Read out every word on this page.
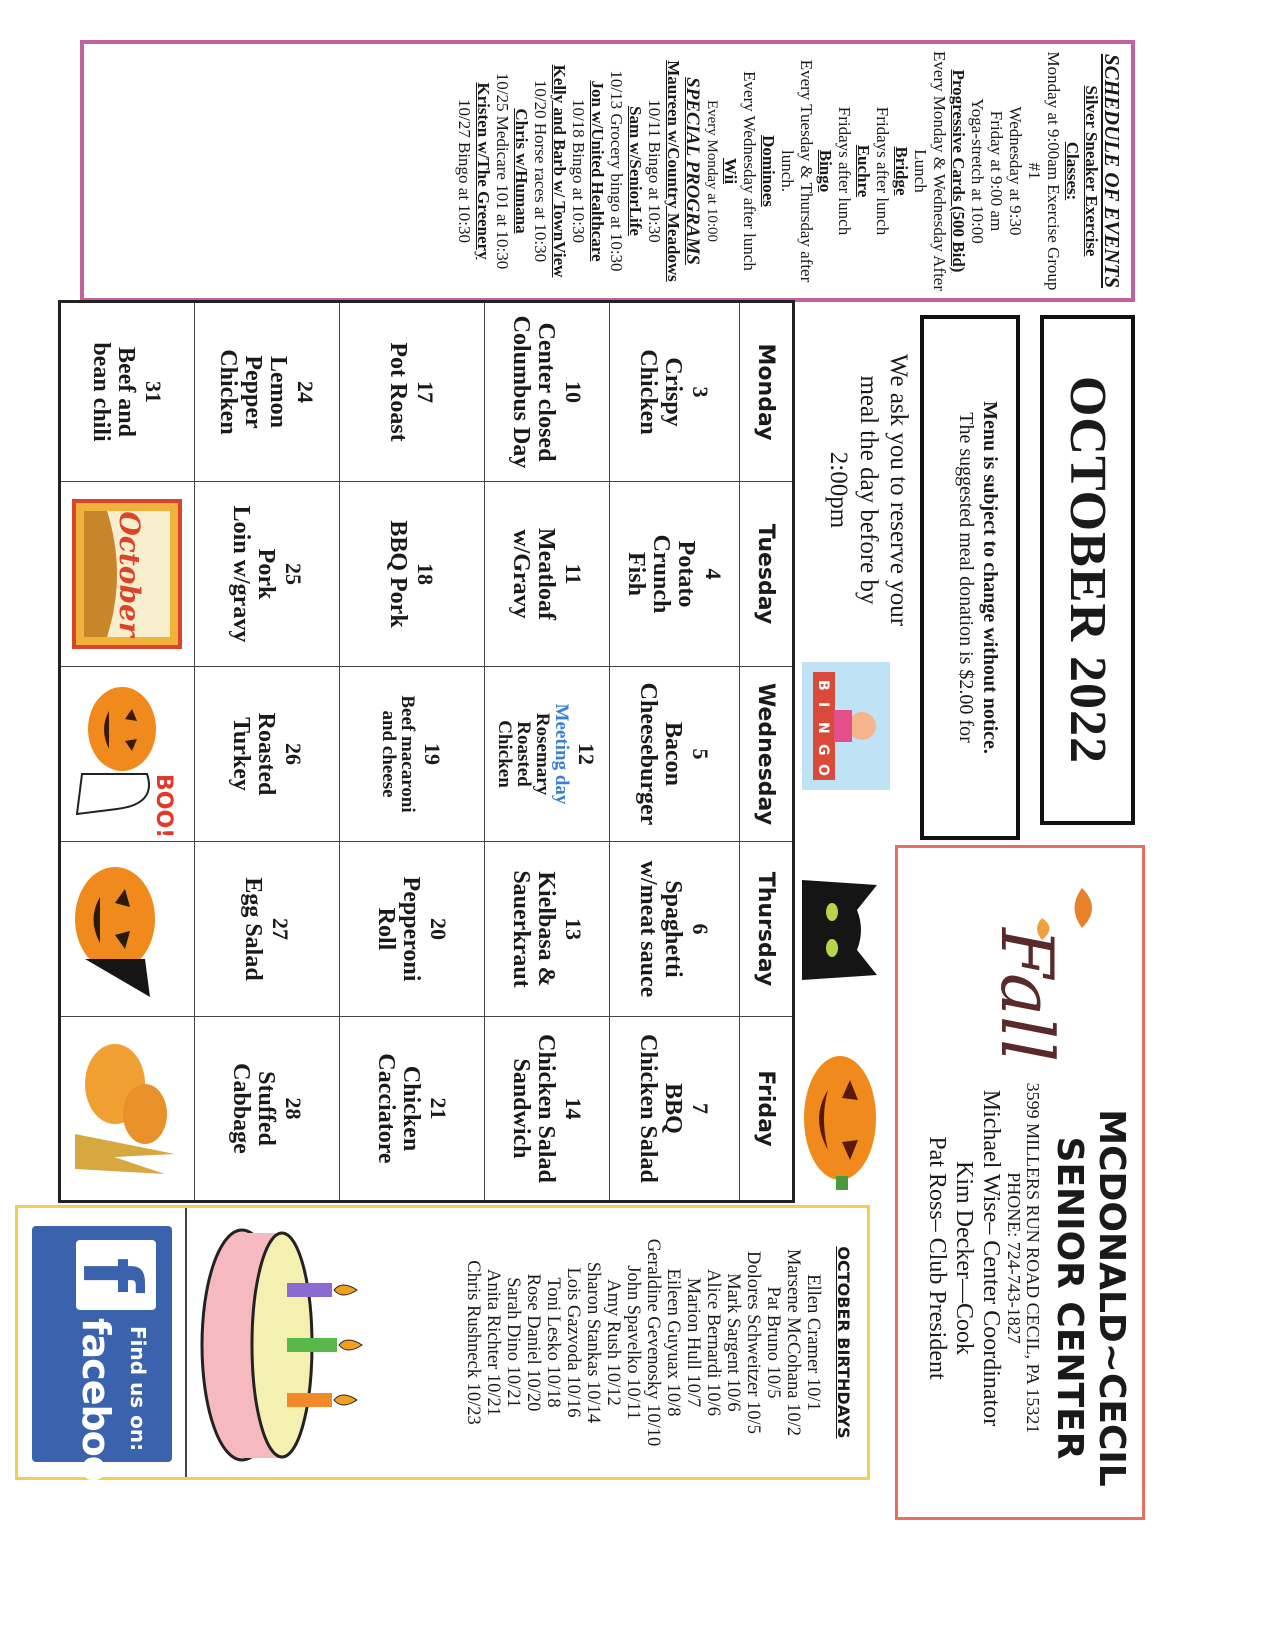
SCHEDULE OF EVENTS
Silver Sneaker Exercise
Classes:
Monday at 9:00am Exercise Group #1
Wednesday at 9:30
Friday at 9:00 am
Yoga-stretch at 10:00
Progressive Cards (500 Bid)
Every Monday & Wednesday After Lunch
Bridge
Fridays after lunch
Euchre
Fridays after lunch
Bingo
Every Tuesday & Thursday after lunch.
Dominoes
Every Wednesday after lunch
Wii
Every Monday at 10:00
SPECIAL PROGRAMS
Maureen w/Country Meadows
10/11 Bingo at 10:30
Sam w/SeniorLife
10/13 Grocery bingo at 10:30
Jon w/United Healthcare
10/18 Bingo at 10:30
Kelly and Barb w/ TownView
10/20 Horse races at 10:30
Chris w/Humana
10/25 Medicare 101 at 10:30
Kristen w/The Greenery
10/27 Bingo at 10:30
OCTOBER 2022
Menu is subject to change without notice.
The suggested meal donation is $2.00 for
We ask you to reserve your meal the day before by 2:00pm
B
I
N
G
O
Fall
MCDONALD~CECIL SENIOR CENTER
3599 MILLERS RUN ROAD CECIL, PA 15321
PHONE: 724-743-1827
Michael Wise– Center Coordinator
Kim Decker—Cook
Pat Ross– Club President
Monday	Tuesday	Wednesday	Thursday	Friday

3
Crispy
Chicken	4
Potato
Crunch
Fish	5
Bacon
Cheeseburger	6
Spaghetti
w/meat sauce	7
BBQ
Chicken Salad

10
Center closed
Columbus Day	11
Meatloaf
w/Gravy	12
Meeting day
Rosemary
Roasted
Chicken	13
Kielbasa &
Sauerkraut	14
Chicken Salad
Sandwich

17
Pot Roast	18
BBQ Pork	19
Beef macaroni
and cheese	20
Pepperoni
Roll	21
Chicken
Cacciatore

24
Lemon
Pepper
Chicken	25
Pork
Loin w/gravy	26
Roasted
Turkey	27
Egg Salad	28
Stuffed
Cabbage

31
Beef and
bean chili	October	BOO!

OCTOBER BIRTHDAYS
Ellen Cramer 10/1
Marsene McCohana 10/2
Pat Bruno 10/5
Dolores Schweitzer 10/5
Mark Sargent 10/6
Alice Bernardi 10/6
Marion Hull 10/7
Eileen Guyuax 10/8
Geraldine Gevenosky 10/10
John Spavelko 10/11
Amy Rush 10/12
Sharon Stankas 10/14
Lois Gazvoda 10/16
Toni Lesko 10/18
Rose Daniel 10/20
Sarah Dino 10/21
Anita Richter 10/21
Chris Rushneck 10/23
f
Find us on:
facebook
